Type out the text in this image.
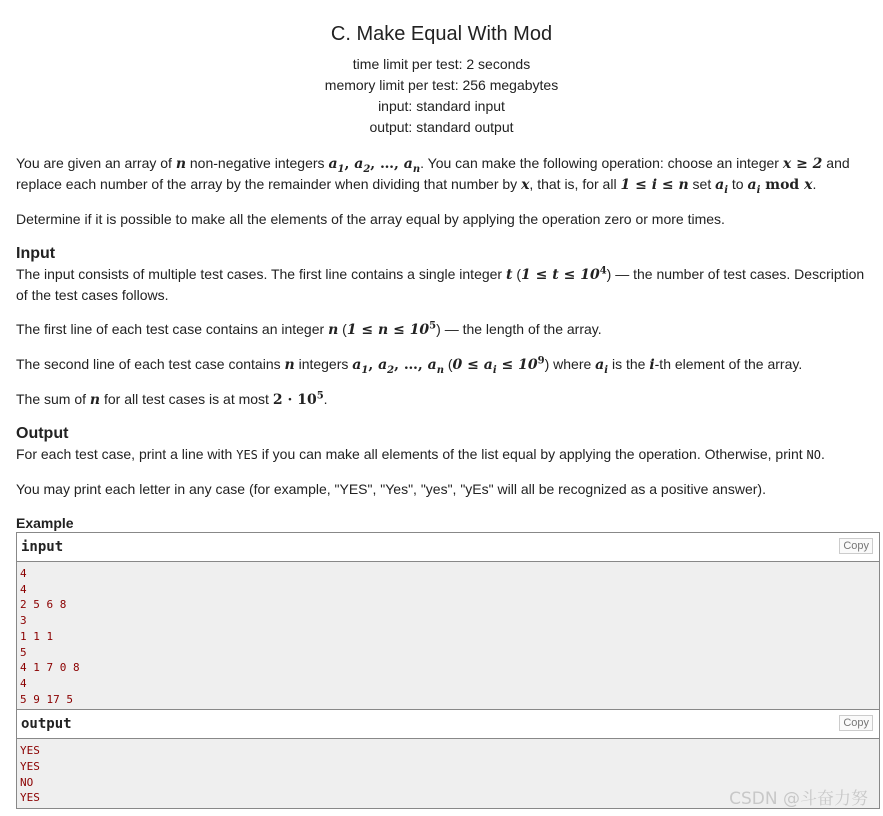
C. Make Equal With Mod
time limit per test: 2 seconds
memory limit per test: 256 megabytes
input: standard input
output: standard output

You are given an array of n non-negative integers $a_1$, $a_2$, …, $a_n$. You can make the following operation: choose an integer x ≥ 2 and
replace each number of the array by the remainder when dividing that number by x, that is, for all 1 ≤ i ≤ n set $a_i$ to $a_i$ mod x.

Determine if it is possible to make all the elements of the array equal by applying the operation zero or more times.

Input

The input consists of multiple test cases. The first line contains a single integer t $(1 \le t \le 10^4)$ — the number of test cases. Description
of the test cases follows.

The first line of each test case contains an integer n $(1 \le n \le 10^5)$ — the length of the array.

The second line of each test case contains n integers $a_1$, $a_2$, …, $a_n$ $(0 \le a_i \le 10^9)$ where $a_i$ is the i-th element of the array.

The sum of n for all test cases is at most $2 \cdot 10^5$.

Output

For each test case, print a line with YES if you can make all elements of the list equal by applying the operation. Otherwise, print NO.

You may print each letter in any case (for example, "YES", "Yes", "yes", "yEs" will all be recognized as a positive answer).

Example
input	Copy
4
4
2 5 6 8
3
1 1 1
5
4 1 7 0 8
4
5 9 17 5
output	Copy
YES
YES
NO
YES	CSDN @斗奋力努
